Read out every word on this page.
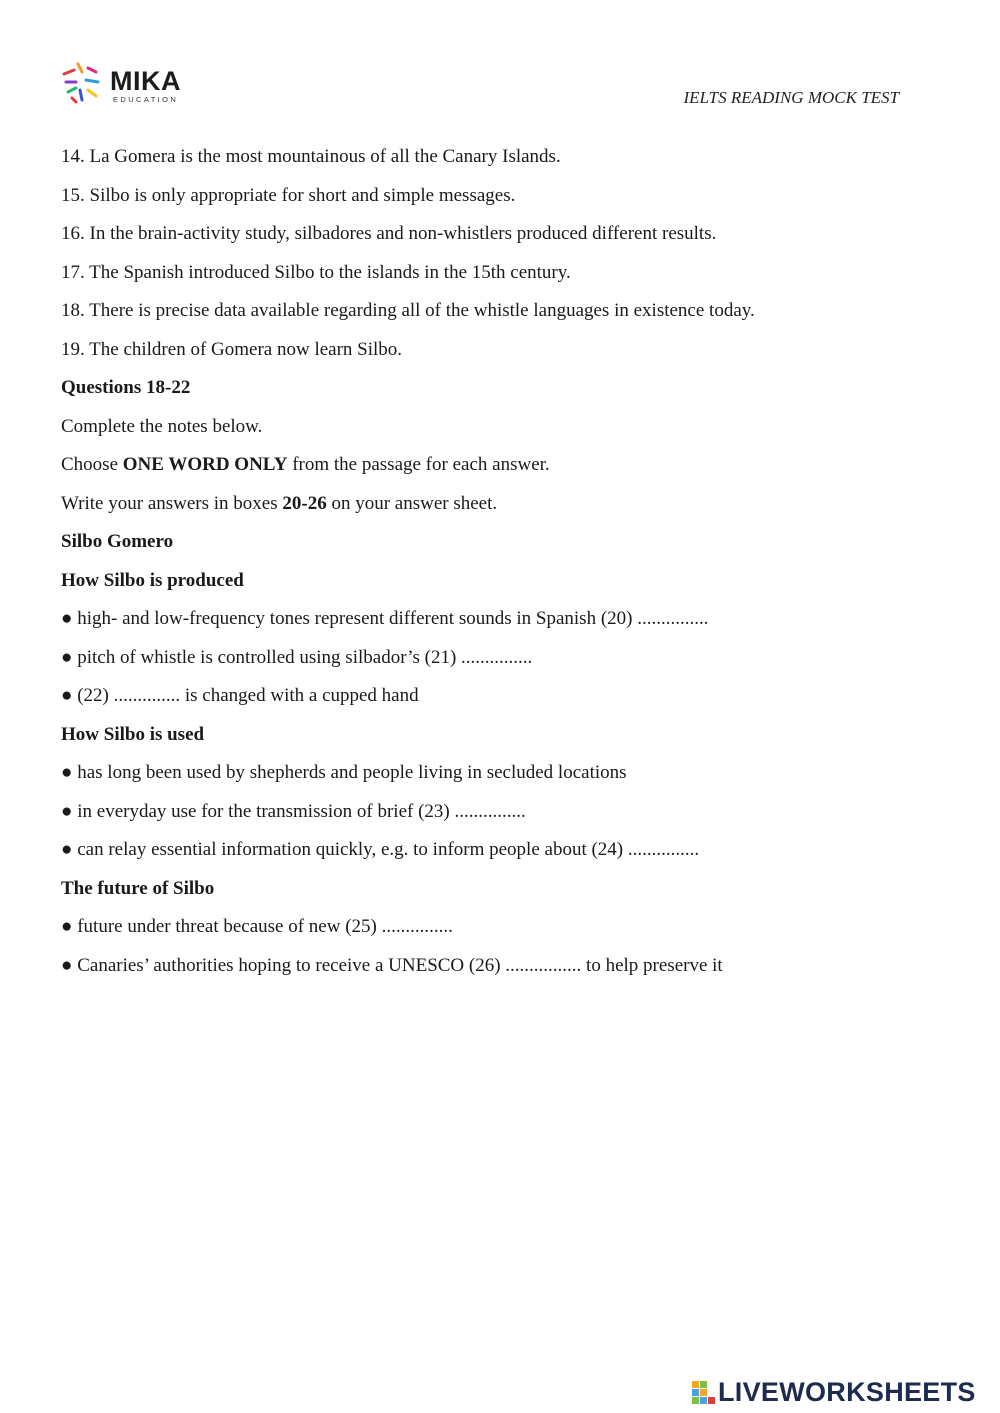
MIKA
EDUCATION	IELTS READING MOCK TEST
14. La Gomera is the most mountainous of all the Canary Islands.
15. Silbo is only appropriate for short and simple messages.
16. In the brain-activity study, silbadores and non-whistlers produced different results.
17. The Spanish introduced Silbo to the islands in the 15th century.
18. There is precise data available regarding all of the whistle languages in existence today.
19. The children of Gomera now learn Silbo.
Questions 18-22
Complete the notes below.
Choose ONE WORD ONLY from the passage for each answer.
Write your answers in boxes 20-26 on your answer sheet.
Silbo Gomero
How Silbo is produced
● high- and low-frequency tones represent different sounds in Spanish (20) ...............
● pitch of whistle is controlled using silbador’s (21) ...............
● (22) .............. is changed with a cupped hand
How Silbo is used
● has long been used by shepherds and people living in secluded locations
● in everyday use for the transmission of brief (23) ...............
● can relay essential information quickly, e.g. to inform people about (24) ...............
The future of Silbo
● future under threat because of new (25) ...............
● Canaries’ authorities hoping to receive a UNESCO (26) ................ to help preserve it
LIVEWORKSHEETS
